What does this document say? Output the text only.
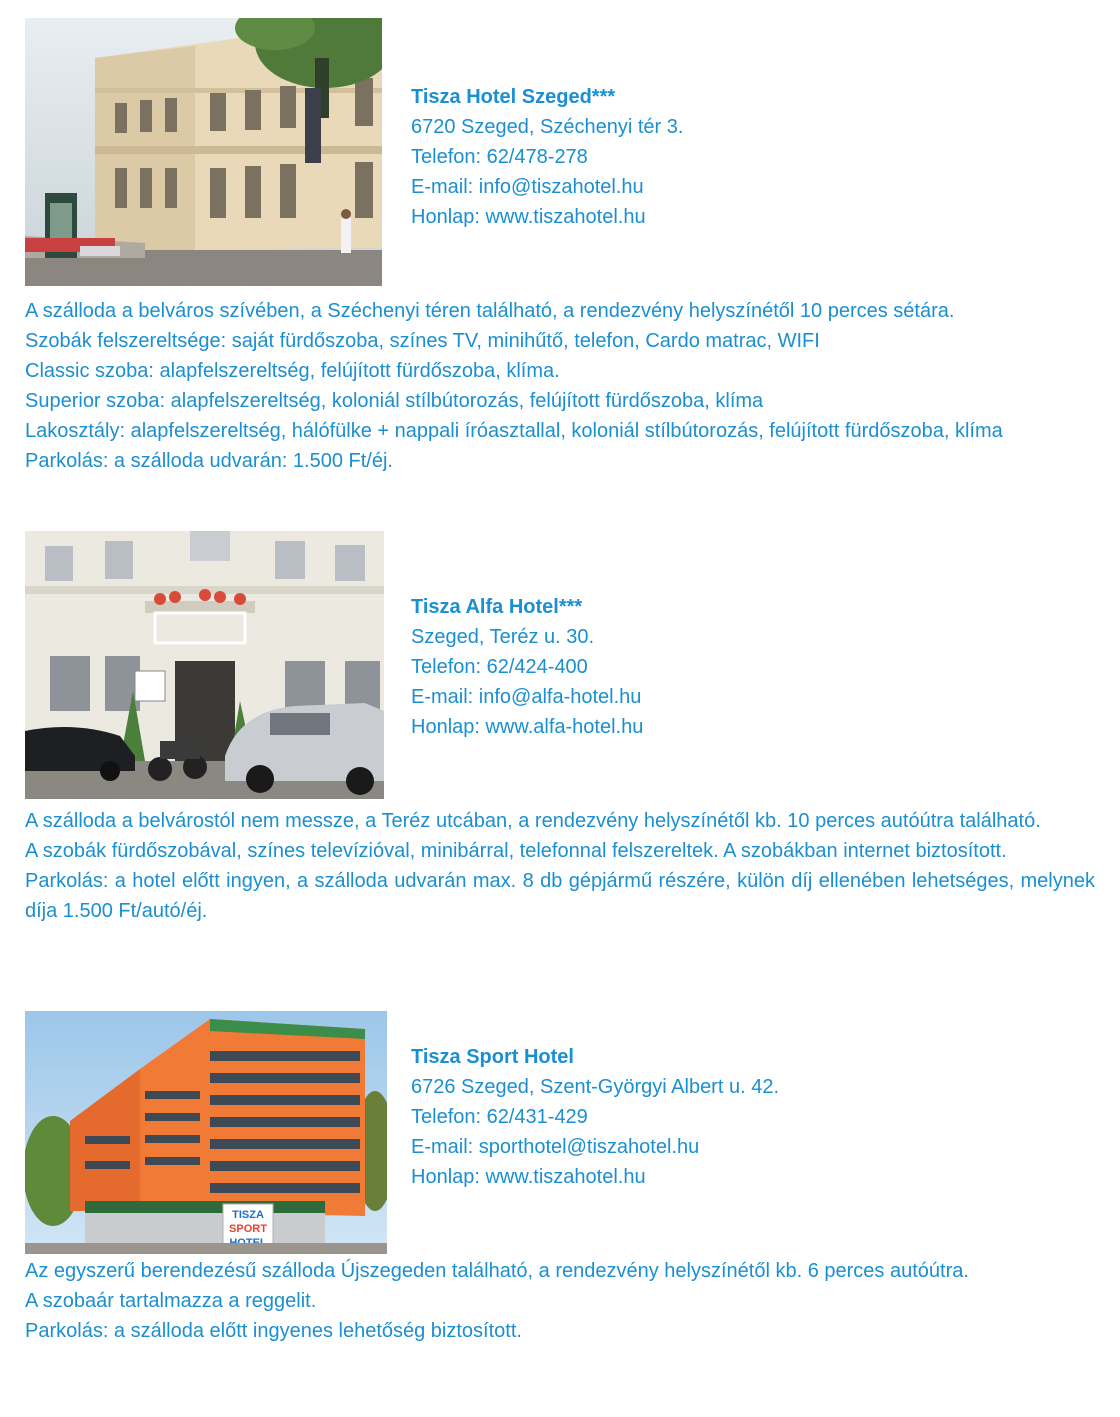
Tisza Hotel Szeged***
6720 Szeged, Széchenyi tér 3.
Telefon: 62/478-278
E-mail: info@tiszahotel.hu
Honlap: www.tiszahotel.hu

A szálloda a belváros szívében, a Széchenyi téren található, a rendezvény helyszínétől 10 perces sétára.

Szobák felszereltsége: saját fürdőszoba, színes TV, minihűtő, telefon, Cardo matrac, WIFI

Classic szoba: alapfelszereltség, felújított fürdőszoba, klíma.

Superior szoba: alapfelszereltség, koloniál stílbútorozás, felújított fürdőszoba, klíma

Lakosztály: alapfelszereltség, hálófülke + nappali íróasztallal, koloniál stílbútorozás, felújított fürdőszoba, klíma

Parkolás: a szálloda udvarán: 1.500 Ft/éj.

Tisza Alfa Hotel***
Szeged, Teréz u. 30.
Telefon: 62/424-400
E-mail: info@alfa-hotel.hu
Honlap: www.alfa-hotel.hu

A szálloda a belvárostól nem messze, a Teréz utcában, a rendezvény helyszínétől kb. 10 perces autóútra található.

A szobák fürdőszobával, színes televízióval, minibárral, telefonnal felszereltek. A szobákban internet biztosított.

Parkolás: a hotel előtt ingyen, a szálloda udvarán max. 8 db gépjármű részére, külön díj ellenében lehetséges, melynek díja 1.500 Ft/autó/éj.

TISZA
SPORT
Tisza Sport Hotel
6726 Szeged, Szent-Györgyi Albert u. 42.
Telefon: 62/431-429
E-mail: sporthotel@tiszahotel.hu
Honlap: www.tiszahotel.hu

Az egyszerű berendezésű szálloda Újszegeden található, a rendezvény helyszínétől kb. 6 perces autóútra.

A szobaár tartalmazza a reggelit.

Parkolás: a szálloda előtt ingyenes lehetőség biztosított.
